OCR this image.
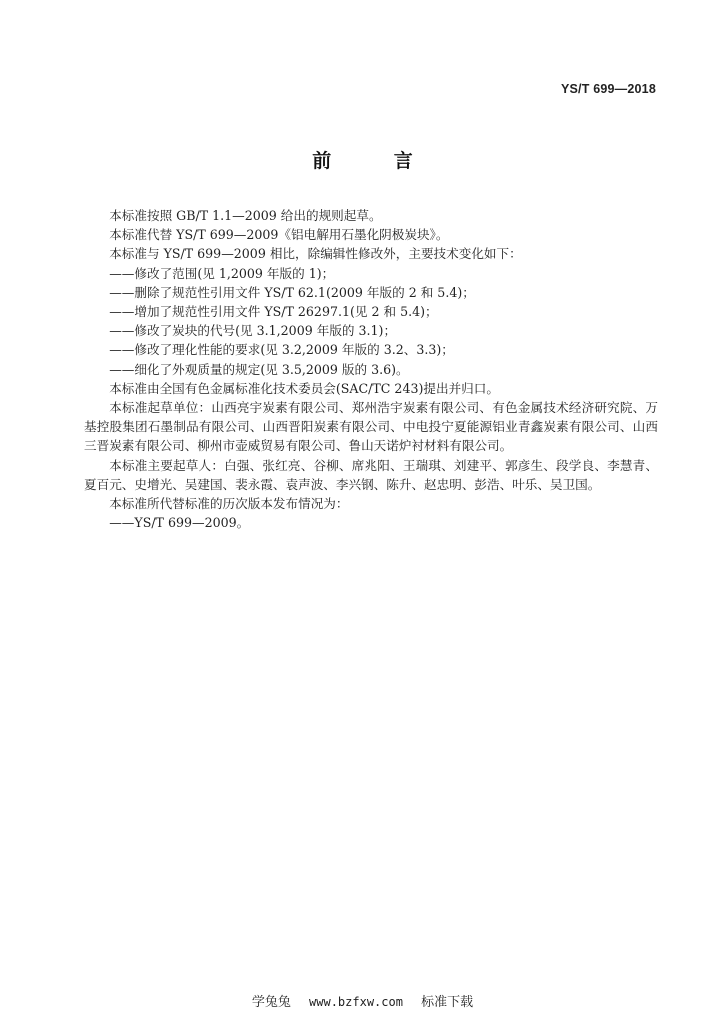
YS/T 699—2018
前 言

本标准按照 GB/T 1.1—2009 给出的规则起草。

本标准代替 YS/T 699—2009《铝电解用石墨化阴极炭块》。

本标准与 YS/T 699—2009 相比，除编辑性修改外，主要技术变化如下：

——修改了范围(见 1,2009 年版的 1)；

——删除了规范性引用文件 YS/T 62.1(2009 年版的 2 和 5.4)；

——增加了规范性引用文件 YS/T 26297.1(见 2 和 5.4)；

——修改了炭块的代号(见 3.1,2009 年版的 3.1)；

——修改了理化性能的要求(见 3.2,2009 年版的 3.2、3.3)；

——细化了外观质量的规定(见 3.5,2009 版的 3.6)。

本标准由全国有色金属标准化技术委员会(SAC/TC 243)提出并归口。

本标准起草单位：山西亮宇炭素有限公司、郑州浩宇炭素有限公司、有色金属技术经济研究院、万基控股集团石墨制品有限公司、山西晋阳炭素有限公司、中电投宁夏能源铝业青鑫炭素有限公司、山西三晋炭素有限公司、柳州市壶威贸易有限公司、鲁山天诺炉衬材料有限公司。

本标准主要起草人：白强、张红亮、谷柳、席兆阳、王瑞琪、刘建平、郭彦生、段学良、李慧青、夏百元、史增光、吴建国、裴永霞、袁声波、李兴钢、陈升、赵忠明、彭浩、叶乐、吴卫国。

本标准所代替标准的历次版本发布情况为：

——YS/T 699—2009。

学兔兔 www.bzfxw.com 标准下载
